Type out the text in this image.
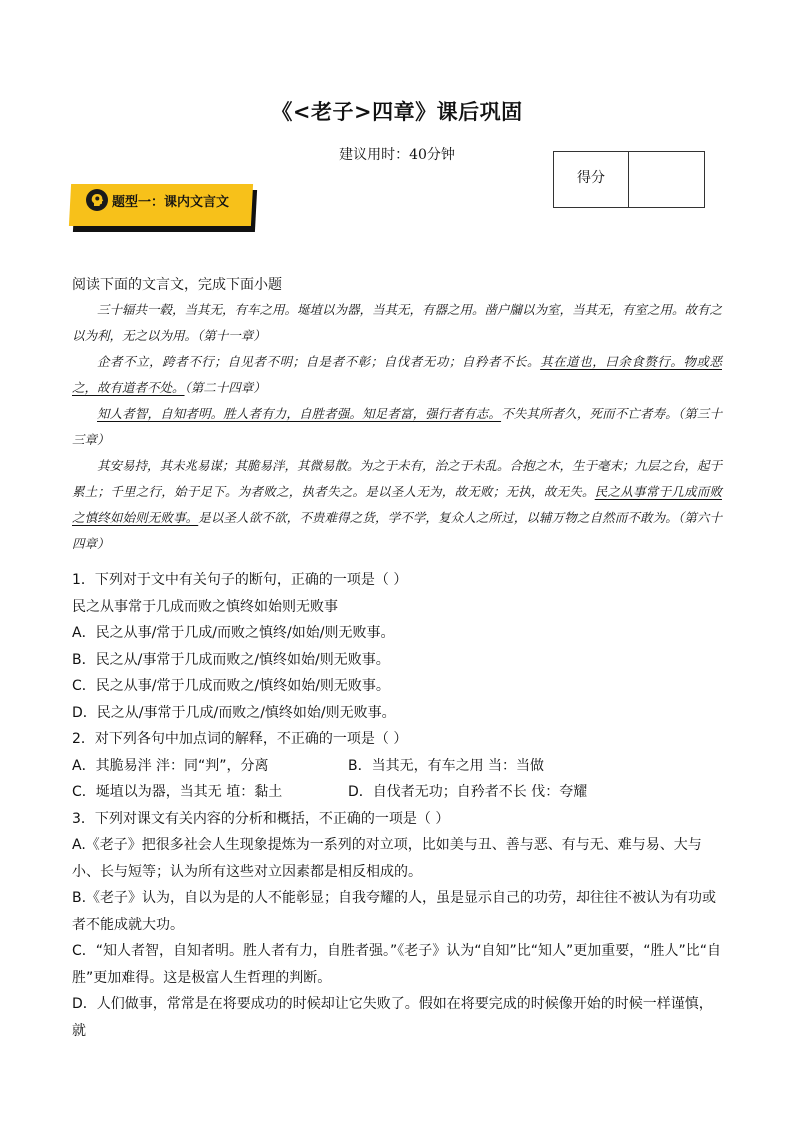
《<老子>四章》课后巩固
建议用时：40分钟
得分
题型一：课内文言文
阅读下面的文言文，完成下面小题

三十辐共一毂，当其无，有车之用。埏埴以为器，当其无，有器之用。凿户牖以为室，当其无，有室之用。故有之以为利，无之以为用。（第十一章）

企者不立，跨者不行；自见者不明；自是者不彰；自伐者无功；自矜者不长。其在道也，曰余食赘行。物或恶之，故有道者不处。（第二十四章）

知人者智，自知者明。胜人者有力，自胜者强。知足者富，强行者有志。不失其所者久，死而不亡者寿。（第三十三章）

其安易持，其未兆易谋；其脆易泮，其微易散。为之于未有，治之于未乱。合抱之木，生于毫末；九层之台，起于累土；千里之行，始于足下。为者败之，执者失之。是以圣人无为，故无败；无执，故无失。民之从事常于几成而败之慎终如始则无败事。是以圣人欲不欲，不贵难得之货，学不学，复众人之所过，以辅万物之自然而不敢为。（第六十四章）

1．下列对于文中有关句子的断句，正确的一项是（ ）
民之从事常于几成而败之慎终如始则无败事
A．民之从事/常于几成/而败之慎终/如始/则无败事。
B．民之从/事常于几成而败之/慎终如始/则无败事。
C．民之从事/常于几成而败之/慎终如始/则无败事。
D．民之从/事常于几成/而败之/慎终如始/则无败事。
2．对下列各句中加点词的解释，不正确的一项是（ ）
A．其脆易泮 泮：同“判”，分离	B．当其无，有车之用 当：当做
C．埏埴以为器，当其无 埴：黏土	D．自伐者无功；自矜者不长 伐：夸耀
3．下列对课文有关内容的分析和概括，不正确的一项是（ ）
A.《老子》把很多社会人生现象提炼为一系列的对立项，比如美与丑、善与恶、有与无、难与易、大与小、长与短等；认为所有这些对立因素都是相反相成的。
B.《老子》认为，自以为是的人不能彰显；自我夸耀的人，虽是显示自己的功劳，却往往不被认为有功或者不能成就大功。
C．“知人者智，自知者明。胜人者有力，自胜者强。”《老子》认为“自知”比“知人”更加重要，“胜人”比“自胜”更加难得。这是极富人生哲理的判断。
D．人们做事，常常是在将要成功的时候却让它失败了。假如在将要完成的时候像开始的时候一样谨慎，就
